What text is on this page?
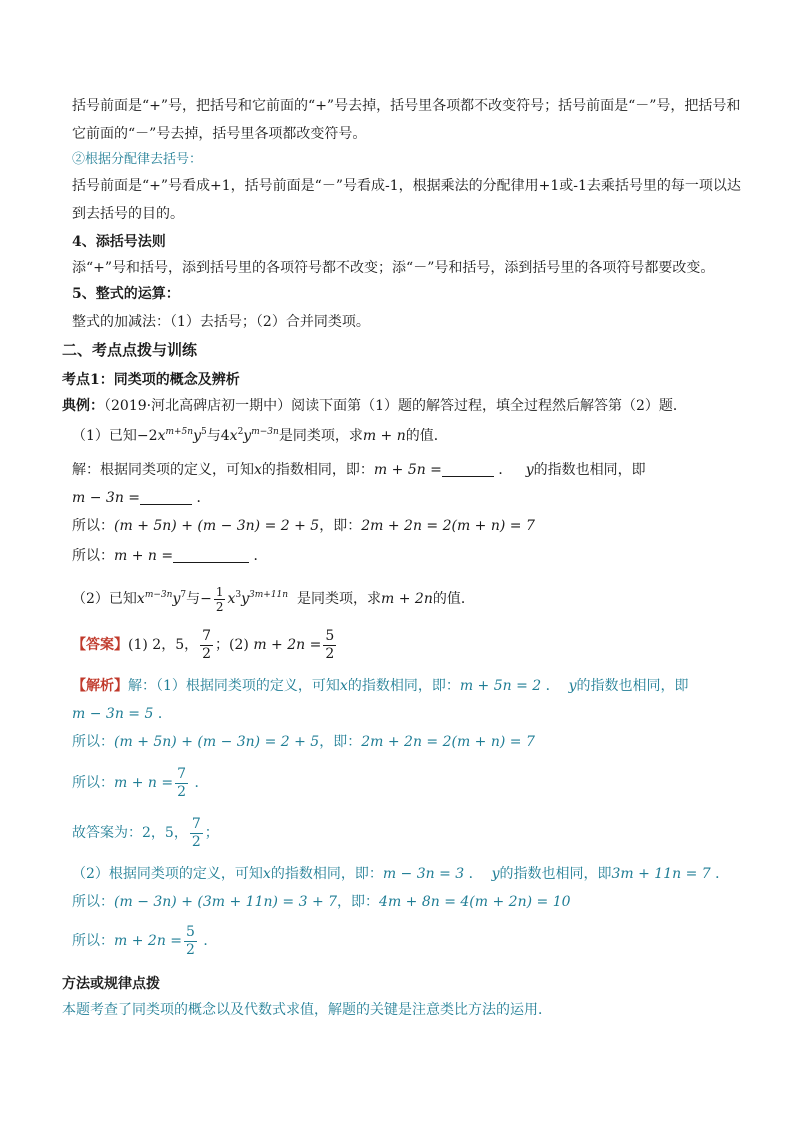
括号前面是“+”号，把括号和它前面的“+”号去掉，括号里各项都不改变符号；括号前面是“－”号，把括号和
它前面的“－”号去掉，括号里各项都改变符号。
②根据分配律去括号：
括号前面是“+”号看成+1，括号前面是“－”号看成-1，根据乘法的分配律用+1或-1去乘括号里的每一项以达
到去括号的目的。
4、添括号法则
添“+”号和括号，添到括号里的各项符号都不改变；添“－”号和括号，添到括号里的各项符号都要改变。
5、整式的运算：
整式的加减法：（1）去括号；（2）合并同类项。
二、考点点拨与训练
考点1：同类项的概念及辨析
典例：（2019·河北高碑店初一期中）阅读下面第（1）题的解答过程，填全过程然后解答第（2）题．
（1）已知$-2x^{m+5n}y^5$与$4x^2y^{m-3n}$是同类项，求m + n的值．
解：根据同类项的定义，可知x的指数相同，即：m + 5n =	．   y的指数也相同，即
m − 3n =	．
所以：(m + 5n) + (m − 3n) = 2 + 5，即：2m + 2n = 2(m + n) = 7
所以：m + n =	．
（2）已知$x^{m-3n}y^7$与− $\frac{1}{2} x^3y^{3m+11n}$ 是同类项，求m + 2n的值．
【答案】(1) 2，5， $\frac{7}{2}$ ；(2) $m + 2n = \frac{5}{2}$
【解析】解：（1）根据同类项的定义，可知x的指数相同，即：m + 5n = 2 ．  y的指数也相同，即
m − 3n = 5 ．
所以：(m + 5n) + (m − 3n) = 2 + 5，即：2m + 2n = 2(m + n) = 7
所以：$m + n = \frac{7}{2}$ ．
故答案为：2，5， $\frac{7}{2}$ ；
（2）根据同类项的定义，可知x的指数相同，即：m − 3n = 3 ．  y的指数也相同，即3m + 11n = 7 ．
所以：(m − 3n) + (3m + 11n) = 3 + 7，即：4m + 8n = 4(m + 2n) = 10
所以：$m + 2n = \frac{5}{2}$ ．
方法或规律点拨
本题考查了同类项的概念以及代数式求值，解题的关键是注意类比方法的运用．
